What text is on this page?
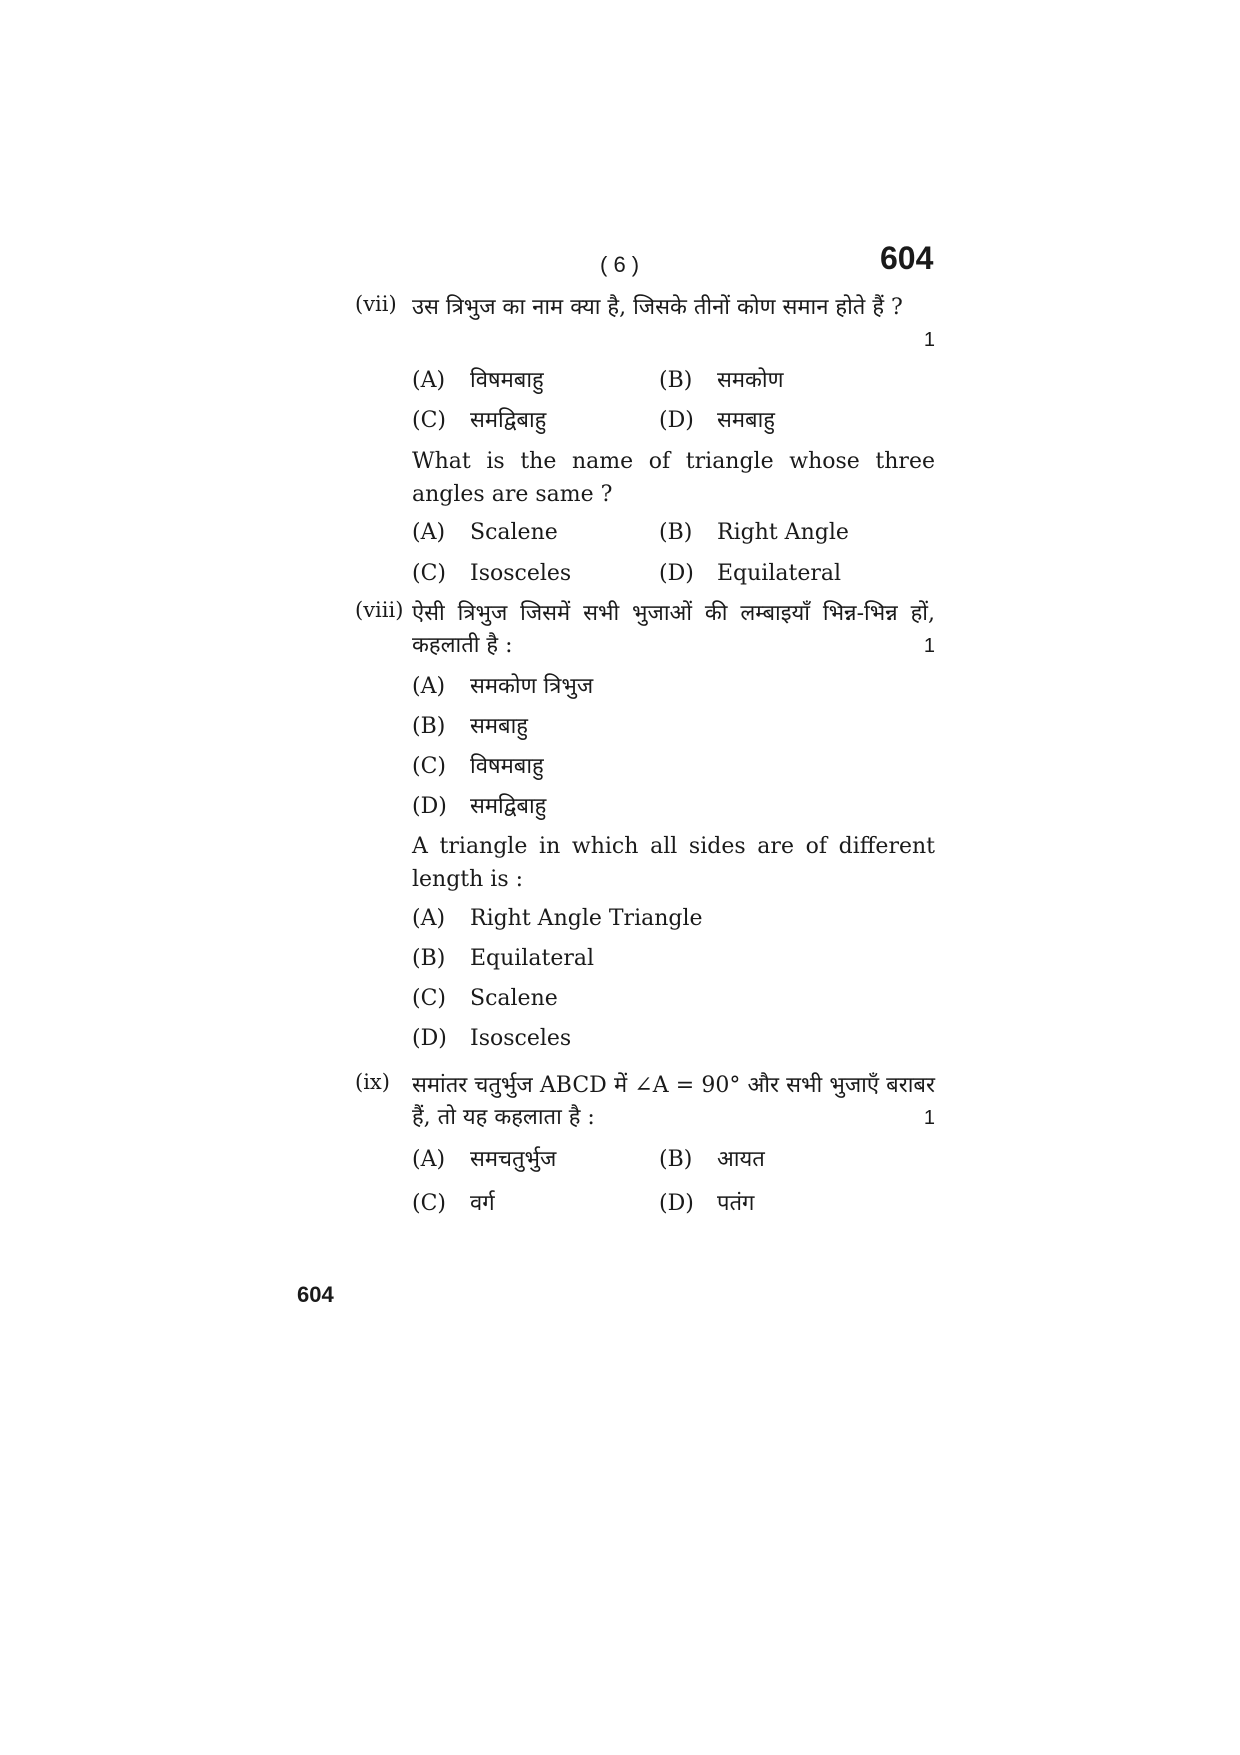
( 6 )	604
(vii) उस त्रिभुज का नाम क्या है, जिसके तीनों कोण समान होते हैं ?
1
(A) विषमबाहु	(B) समकोण
(C) समद्विबाहु	(D) समबाहु
What is the name of triangle whose three angles are same ?
(A) Scalene	(B) Right Angle
(C) Isosceles	(D) Equilateral
(viii) ऐसी त्रिभुज जिसमें सभी भुजाओं की लम्बाइयाँ भिन्न-भिन्न हों, कहलाती है :	1
(A) समकोण त्रिभुज
(B) समबाहु
(C) विषमबाहु
(D) समद्विबाहु
A triangle in which all sides are of different length is :
(A) Right Angle Triangle
(B) Equilateral
(C) Scalene
(D) Isosceles
(ix) समांतर चतुर्भुज ABCD में ∠A = 90° और सभी भुजाएँ बराबर हैं, तो यह कहलाता है :	1
(A) समचतुर्भुज	(B) आयत
(C) वर्ग	(D) पतंग
604
